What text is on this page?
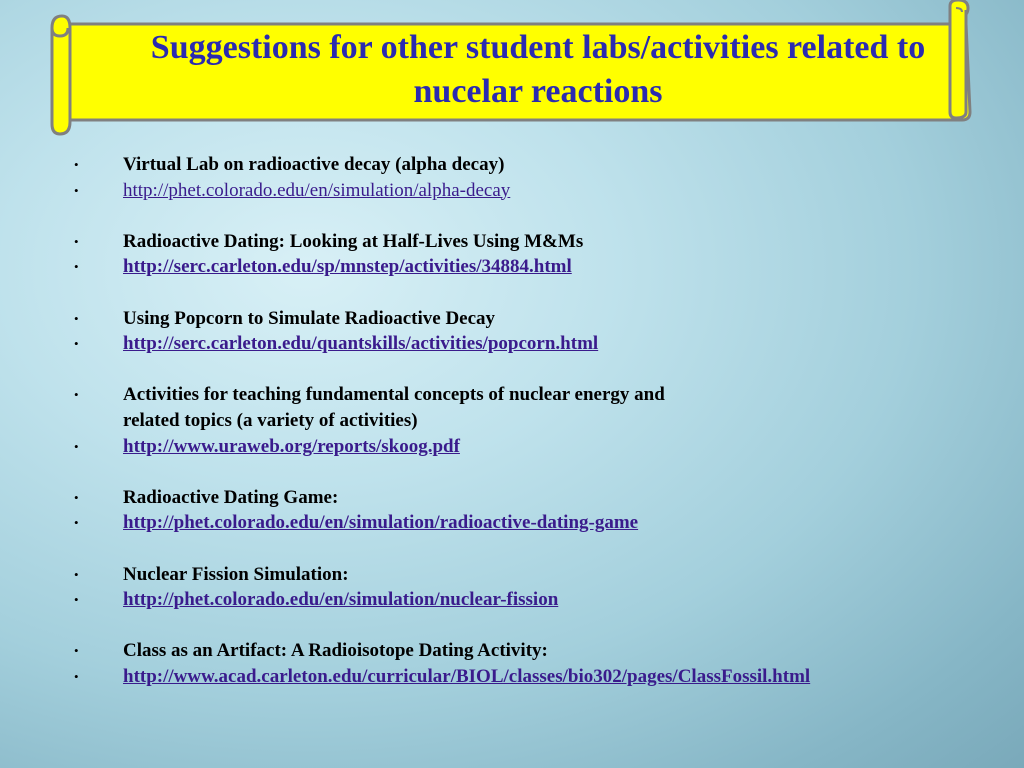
Suggestions for other student labs/activities related to nucelar reactions
• Virtual Lab on radioactive decay (alpha decay)
• http://phet.colorado.edu/en/simulation/alpha-decay
• Radioactive Dating: Looking at Half-Lives Using M&Ms
• http://serc.carleton.edu/sp/mnstep/activities/34884.html
• Using Popcorn to Simulate Radioactive Decay
• http://serc.carleton.edu/quantskills/activities/popcorn.html
• Activities for teaching fundamental concepts of nuclear energy and
related topics (a variety of activities)
• http://www.uraweb.org/reports/skoog.pdf
• Radioactive Dating Game:
• http://phet.colorado.edu/en/simulation/radioactive-dating-game
• Nuclear Fission Simulation:
• http://phet.colorado.edu/en/simulation/nuclear-fission
• Class as an Artifact: A Radioisotope Dating Activity:
• http://www.acad.carleton.edu/curricular/BIOL/classes/bio302/pages/ClassFossil.html
